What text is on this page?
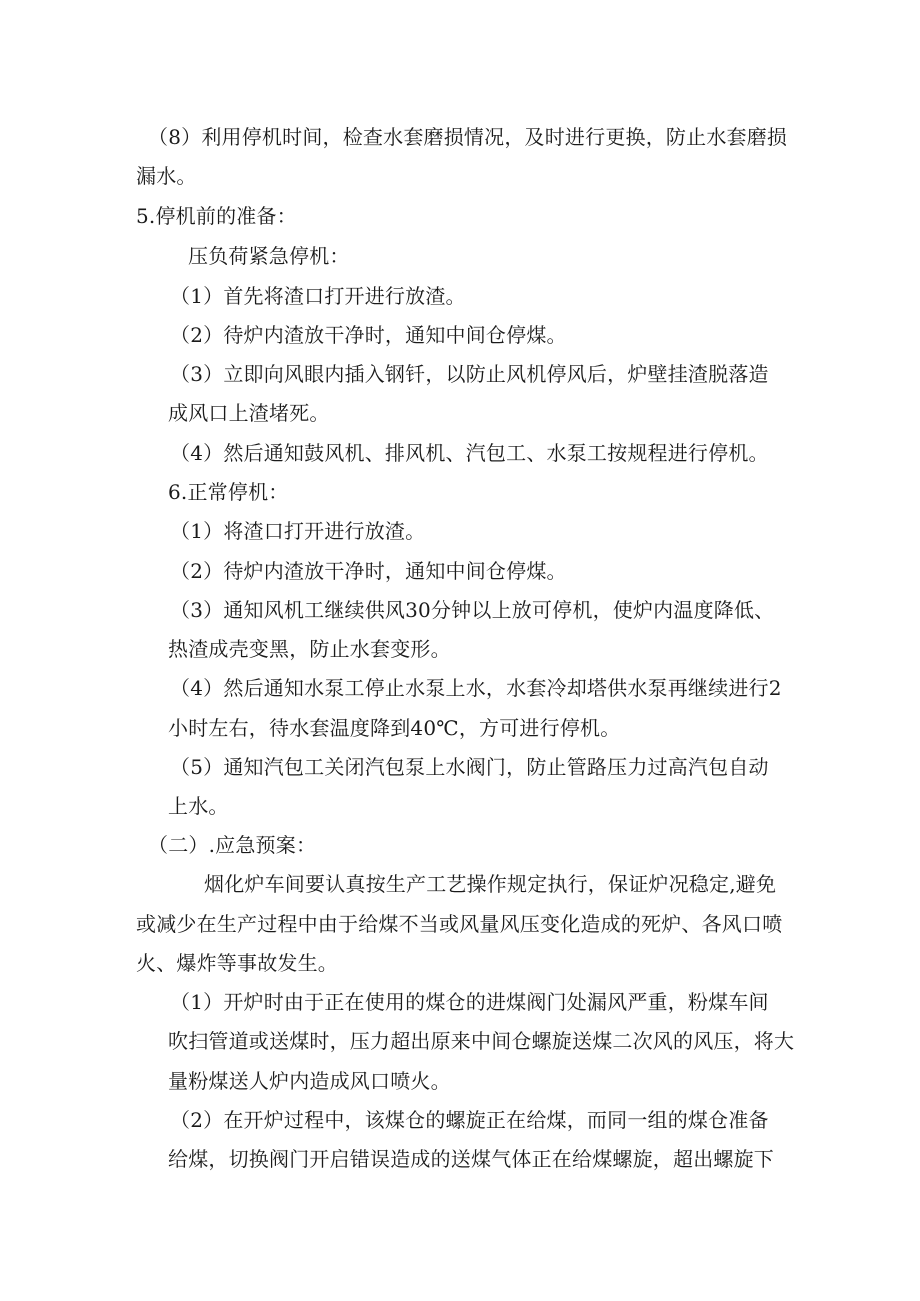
（8）利用停机时间，检查水套磨损情况，及时进行更换，防止水套磨损
漏水。
5.停机前的准备：
压负荷紧急停机：
（1）首先将渣口打开进行放渣。
（2）待炉内渣放干净时，通知中间仓停煤。
（3）立即向风眼内插入钢钎，以防止风机停风后，炉壁挂渣脱落造
成风口上渣堵死。
（4）然后通知鼓风机、排风机、汽包工、水泵工按规程进行停机。
6.正常停机：
（1）将渣口打开进行放渣。
（2）待炉内渣放干净时，通知中间仓停煤。
（3）通知风机工继续供风30分钟以上放可停机，使炉内温度降低、
热渣成壳变黑，防止水套变形。
（4）然后通知水泵工停止水泵上水，水套冷却塔供水泵再继续进行2
小时左右，待水套温度降到40℃，方可进行停机。
（5）通知汽包工关闭汽包泵上水阀门，防止管路压力过高汽包自动
上水。
（二）.应急预案：
烟化炉车间要认真按生产工艺操作规定执行，保证炉况稳定,避免
或减少在生产过程中由于给煤不当或风量风压变化造成的死炉、各风口喷
火、爆炸等事故发生。
（1）开炉时由于正在使用的煤仓的进煤阀门处漏风严重，粉煤车间
吹扫管道或送煤时，压力超出原来中间仓螺旋送煤二次风的风压，将大
量粉煤送人炉内造成风口喷火。
（2）在开炉过程中，该煤仓的螺旋正在给煤，而同一组的煤仓准备
给煤，切换阀门开启错误造成的送煤气体正在给煤螺旋，超出螺旋下
